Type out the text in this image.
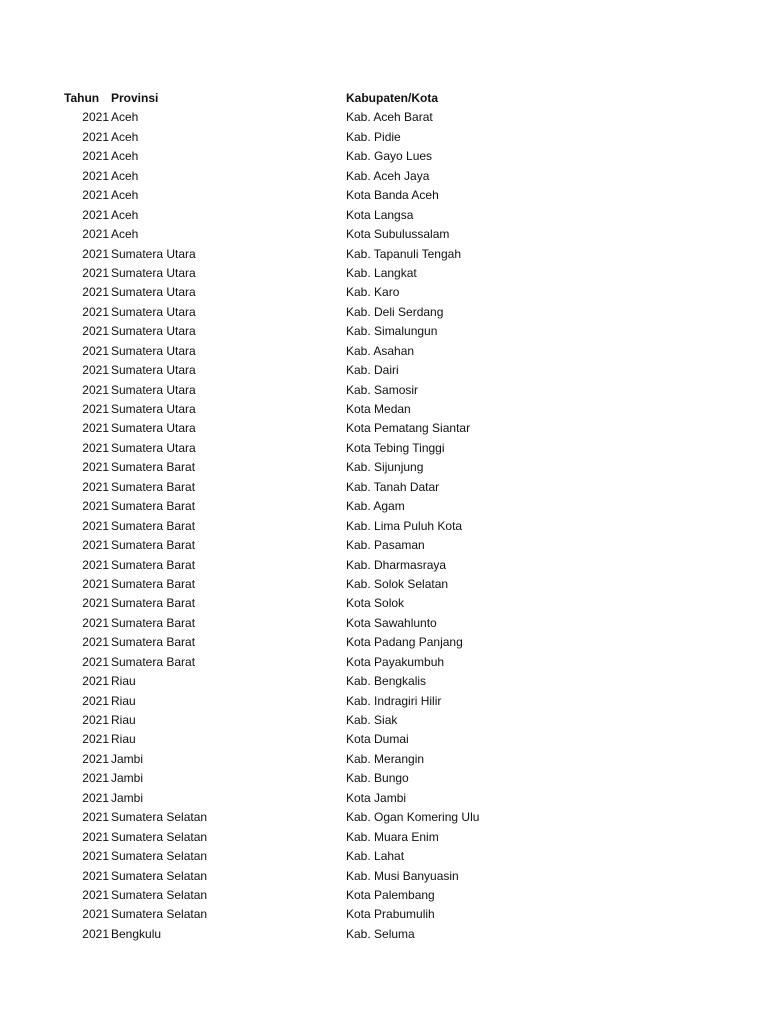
Tahun Provinsi	Kabupaten/Kota
2021 Aceh	Kab. Aceh Barat
2021 Aceh	Kab. Pidie
2021 Aceh	Kab. Gayo Lues
2021 Aceh	Kab. Aceh Jaya
2021 Aceh	Kota Banda Aceh
2021 Aceh	Kota Langsa
2021 Aceh	Kota Subulussalam
2021 Sumatera Utara	Kab. Tapanuli Tengah
2021 Sumatera Utara	Kab. Langkat
2021 Sumatera Utara	Kab. Karo
2021 Sumatera Utara	Kab. Deli Serdang
2021 Sumatera Utara	Kab. Simalungun
2021 Sumatera Utara	Kab. Asahan
2021 Sumatera Utara	Kab. Dairi
2021 Sumatera Utara	Kab. Samosir
2021 Sumatera Utara	Kota Medan
2021 Sumatera Utara	Kota Pematang Siantar
2021 Sumatera Utara	Kota Tebing Tinggi
2021 Sumatera Barat	Kab. Sijunjung
2021 Sumatera Barat	Kab. Tanah Datar
2021 Sumatera Barat	Kab. Agam
2021 Sumatera Barat	Kab. Lima Puluh Kota
2021 Sumatera Barat	Kab. Pasaman
2021 Sumatera Barat	Kab. Dharmasraya
2021 Sumatera Barat	Kab. Solok Selatan
2021 Sumatera Barat	Kota Solok
2021 Sumatera Barat	Kota Sawahlunto
2021 Sumatera Barat	Kota Padang Panjang
2021 Sumatera Barat	Kota Payakumbuh
2021 Riau	Kab. Bengkalis
2021 Riau	Kab. Indragiri Hilir
2021 Riau	Kab. Siak
2021 Riau	Kota Dumai
2021 Jambi	Kab. Merangin
2021 Jambi	Kab. Bungo
2021 Jambi	Kota Jambi
2021 Sumatera Selatan	Kab. Ogan Komering Ulu
2021 Sumatera Selatan	Kab. Muara Enim
2021 Sumatera Selatan	Kab. Lahat
2021 Sumatera Selatan	Kab. Musi Banyuasin
2021 Sumatera Selatan	Kota Palembang
2021 Sumatera Selatan	Kota Prabumulih
2021 Bengkulu	Kab. Seluma
